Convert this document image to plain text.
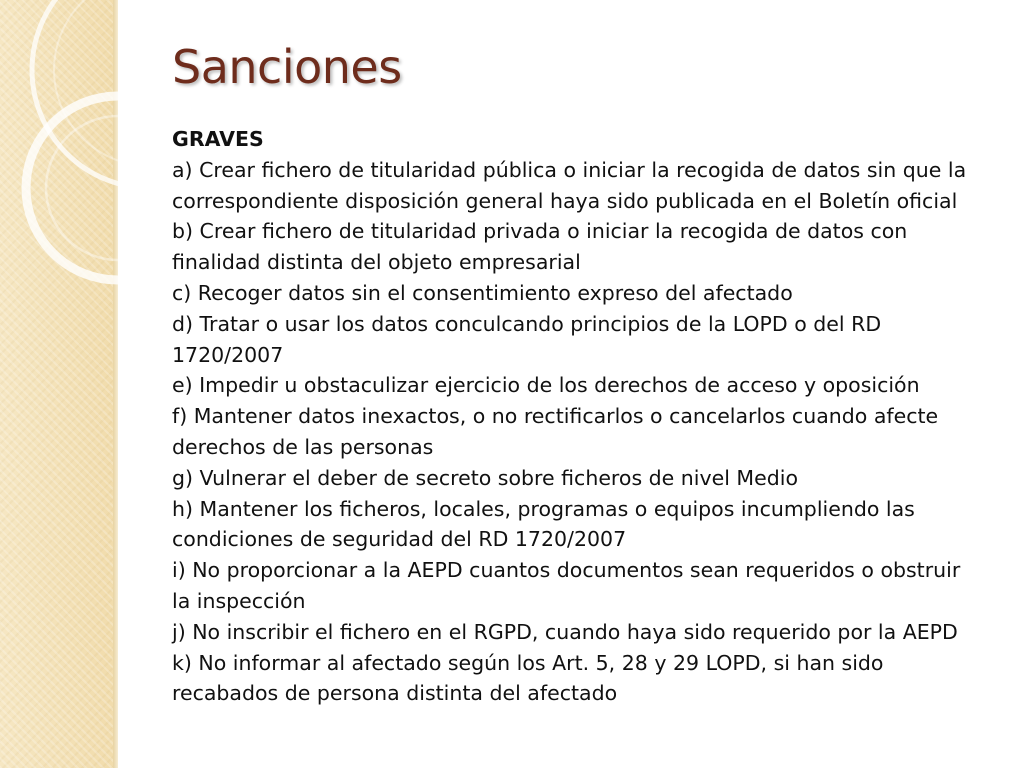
Sanciones
GRAVES
a) Crear fichero de titularidad pública o iniciar la recogida de datos sin que la correspondiente disposición general haya sido publicada en el Boletín oficial
b) Crear fichero de titularidad privada o iniciar la recogida de datos con finalidad distinta del objeto empresarial
c) Recoger datos sin el consentimiento expreso del afectado
d) Tratar o usar los datos conculcando principios de la LOPD o del RD 1720/2007
e) Impedir u obstaculizar ejercicio de los derechos de acceso y oposición
f) Mantener datos inexactos, o no rectificarlos o cancelarlos cuando afecte derechos de las personas
g) Vulnerar el deber de secreto sobre ficheros de nivel Medio
h) Mantener los ficheros, locales, programas o equipos incumpliendo las condiciones de seguridad del RD 1720/2007
i) No proporcionar a la AEPD cuantos documentos sean requeridos o obstruir la inspección
j) No inscribir el fichero en el RGPD, cuando haya sido requerido por la AEPD
k) No informar al afectado según los Art. 5, 28 y 29 LOPD, si han sido recabados de persona distinta del afectado
